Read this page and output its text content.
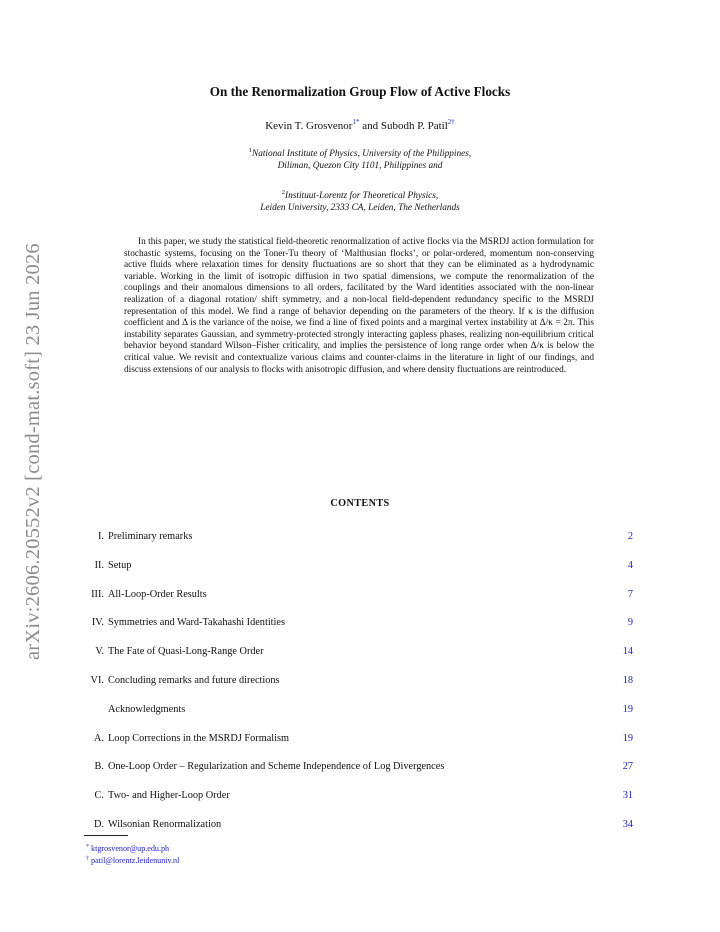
arXiv:2606.20552v2 [cond-mat.soft] 23 Jun 2026
On the Renormalization Group Flow of Active Flocks
Kevin T. Grosvenor$^{1*}$ and Subodh P. Patil$^{2\dagger}$
$^1$National Institute of Physics, University of the Philippines,
Diliman, Quezon City 1101, Philippines and
$^2$Instituut-Lorentz for Theoretical Physics,
Leiden University, 2333 CA, Leiden, The Netherlands

In this paper, we study the statistical field-theoretic renormalization of active flocks via the MSRDJ action formulation for stochastic systems, focusing on the Toner-Tu theory of ‘Malthusian flocks’, or polar-ordered, momentum non-conserving active fluids where relaxation times for density fluctuations are so short that they can be eliminated as a hydrodynamic variable. Working in the limit of isotropic diffusion in two spatial dimensions, we compute the renormalization of the couplings and their anomalous dimensions to all orders, facilitated by the Ward identities associated with the non-linear realization of a diagonal rotation/ shift symmetry, and a non-local field-dependent redundancy specific to the MSRDJ representation of this model. We find a range of behavior depending on the parameters of the theory. If κ is the diffusion coefficient and Δ is the variance of the noise, we find a line of fixed points and a marginal vertex instability at Δ/κ = 2π. This instability separates Gaussian, and symmetry-protected strongly interacting gapless phases, realizing non-equilibrium critical behavior beyond standard Wilson–Fisher criticality, and implies the persistence of long range order when Δ/κ is below the critical value. We revisit and contextualize various claims and counter-claims in the literature in light of our findings, and discuss extensions of our analysis to flocks with anisotropic diffusion, and where density fluctuations are reintroduced.

CONTENTS
I. Preliminary remarks	2
II. Setup	4
III. All-Loop-Order Results	7
IV. Symmetries and Ward-Takahashi Identities	9
V. The Fate of Quasi-Long-Range Order	14
VI. Concluding remarks and future directions	18
Acknowledgments	19
A. Loop Corrections in the MSRDJ Formalism	19
B. One-Loop Order – Regularization and Scheme Independence of Log Divergences	27
C. Two- and Higher-Loop Order	31
D. Wilsonian Renormalization	34
* ktgrosvenor@up.edu.ph
† patil@lorentz.leidenuniv.nl
